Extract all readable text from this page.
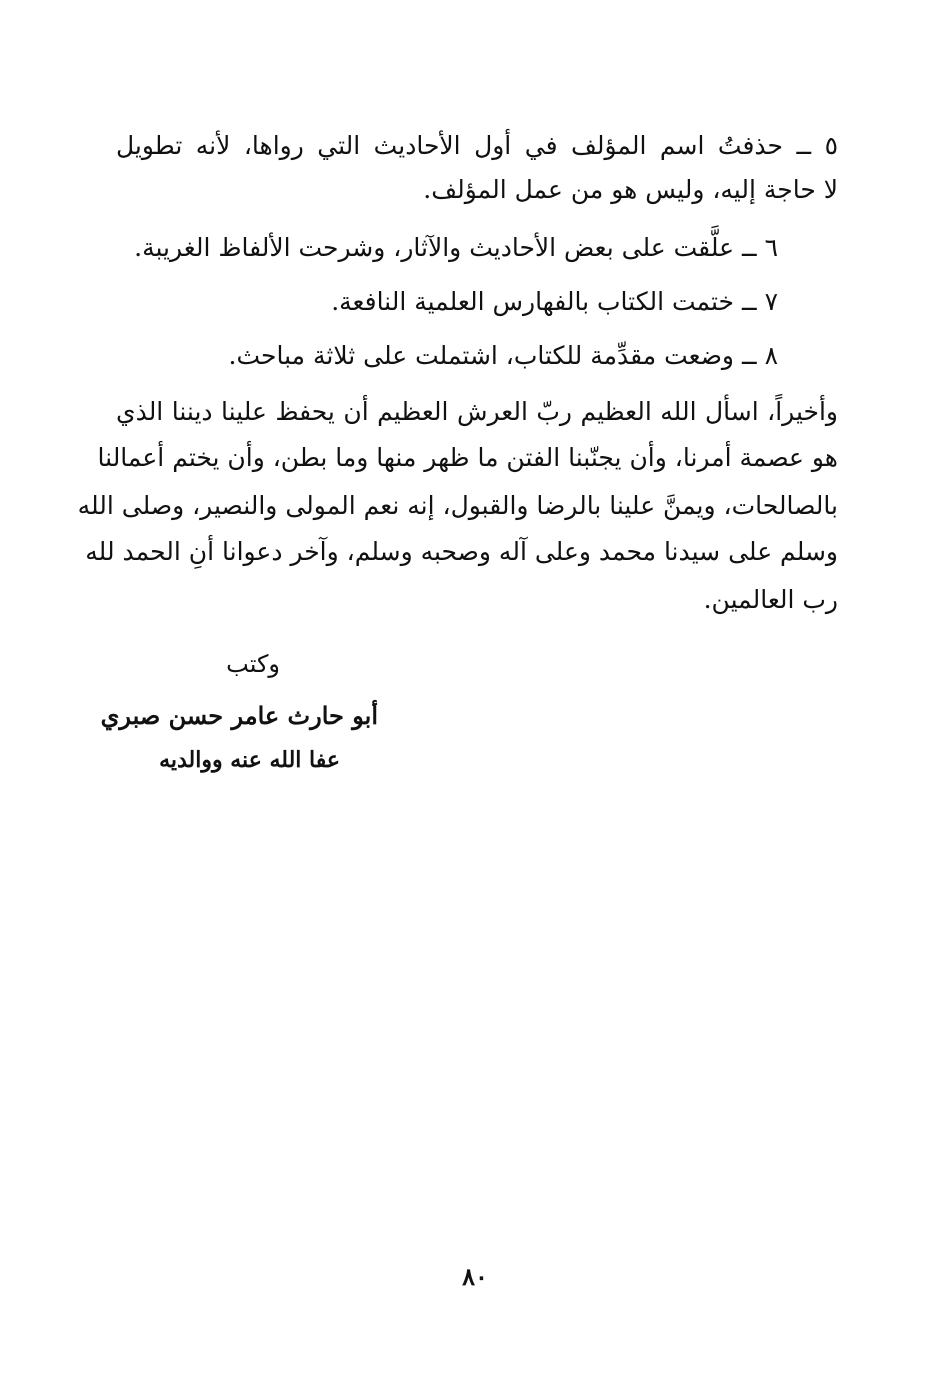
٥ ــ حذفتُ اسم المؤلف في أول الأحاديث التي رواها، لأنه تطويل
لا حاجة إليه، وليس هو من عمل المؤلف.
٦ ــ علَّقت على بعض الأحاديث والآثار، وشرحت الألفاظ الغريبة.
٧ ــ ختمت الكتاب بالفهارس العلمية النافعة.
٨ ــ وضعت مقدِّمة للكتاب، اشتملت على ثلاثة مباحث.
وأخيراً، اسأل الله العظيم ربّ العرش العظيم أن يحفظ علينا ديننا الذي
هو عصمة أمرنا، وأن يجنّبنا الفتن ما ظهر منها وما بطن، وأن يختم أعمالنا
بالصالحات، ويمنَّ علينا بالرضا والقبول، إنه نعم المولى والنصير، وصلى الله
وسلم على سيدنا محمد وعلى آله وصحبه وسلم، وآخر دعوانا أنِ الحمد لله
رب العالمين.
وكتب
أبو حارث عامر حسن صبري
عفا الله عنه ووالديه
٨٠
